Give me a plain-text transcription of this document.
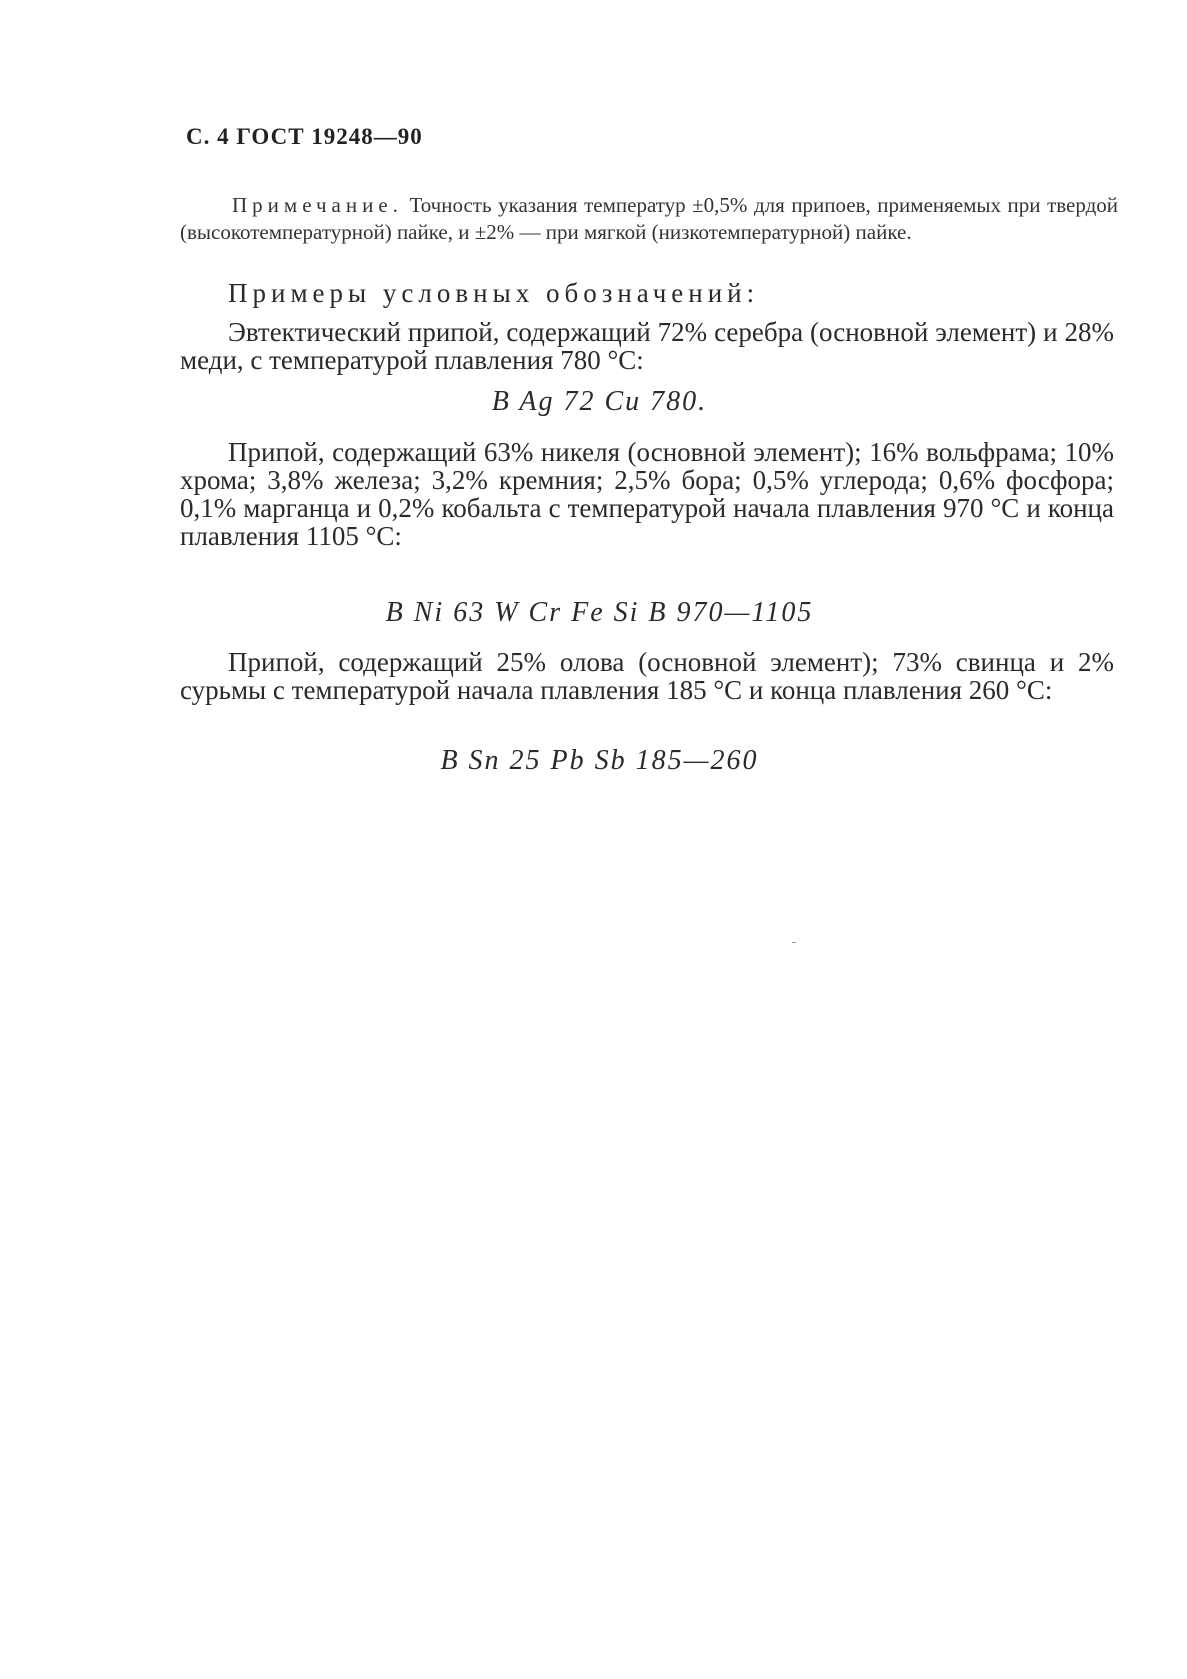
С. 4 ГОСТ 19248—90
Примечание. Точность указания температур ±0,5% для припоев, применяемых при твердой (высокотемпературной) пайке, и ±2% — при мягкой (низкотемпературной) пайке.
Примеры условных обозначений:
Эвтектический припой, содержащий 72% серебра (основной элемент) и 28% меди, с температурой плавления 780 °С:
B Ag 72 Cu 780.
Припой, содержащий 63% никеля (основной элемент); 16% вольфрама; 10% хрома; 3,8% железа; 3,2% кремния; 2,5% бора; 0,5% углерода; 0,6% фосфора; 0,1% марганца и 0,2% кобальта с температурой начала плавления 970 °С и конца плавления 1105 °С:
B Ni 63 W Cr Fe Si B 970—1105
Припой, содержащий 25% олова (основной элемент); 73% свинца и 2% сурьмы с температурой начала плавления 185 °С и конца плавления 260 °С:
B Sn 25 Pb Sb 185—260
